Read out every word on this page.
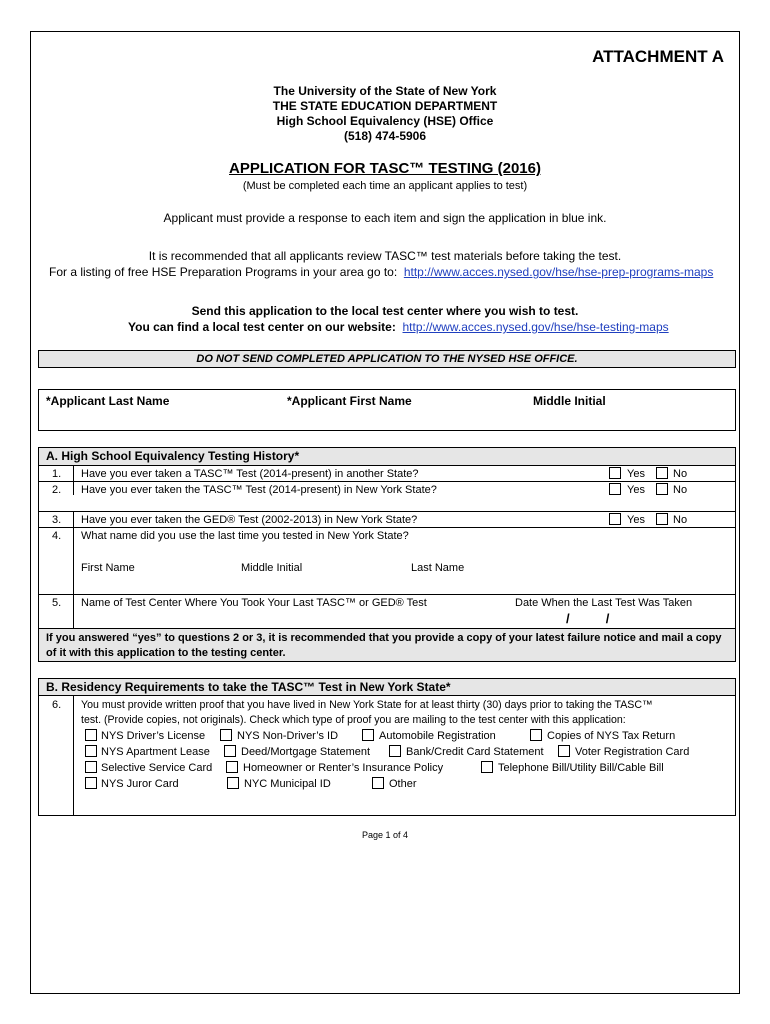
ATTACHMENT A
The University of the State of New York
THE STATE EDUCATION DEPARTMENT
High School Equivalency (HSE) Office
(518) 474-5906
APPLICATION FOR TASC™ TESTING (2016)
(Must be completed each time an applicant applies to test)
Applicant must provide a response to each item and sign the application in blue ink.
It is recommended that all applicants review TASC™ test materials before taking the test.
For a listing of free HSE Preparation Programs in your area go to: http://www.acces.nysed.gov/hse/hse-prep-programs-maps
Send this application to the local test center where you wish to test.
You can find a local test center on our website: http://www.acces.nysed.gov/hse/hse-testing-maps
DO NOT SEND COMPLETED APPLICATION TO THE NYSED HSE OFFICE.
*Applicant Last Name	*Applicant First Name	Middle Initial
A. High School Equivalency Testing History*
1. Have you ever taken a TASC™ Test (2014-present) in another State?	Yes	No
2. Have you ever taken the TASC™ Test (2014-present) in New York State?	Yes	No
3. Have you ever taken the GED® Test (2002-2013) in New York State?	Yes	No
4. What name did you use the last time you tested in New York State?
First Name	Middle Initial	Last Name
5. Name of Test Center Where You Took Your Last TASC™ or GED® Test	Date When the Last Test Was Taken
/          /
If you answered “yes” to questions 2 or 3, it is recommended that you provide a copy of your latest failure notice and mail a copy of it with this application to the testing center.
B. Residency Requirements to take the TASC™ Test in New York State*
6. You must provide written proof that you have lived in New York State for at least thirty (30) days prior to taking the TASC™
test. (Provide copies, not originals). Check which type of proof you are mailing to the test center with this application:
NYS Driver’s License	NYS Non-Driver’s ID	Automobile Registration	Copies of NYS Tax Return
NYS Apartment Lease	Deed/Mortgage Statement	Bank/Credit Card Statement	Voter Registration Card
Selective Service Card	Homeowner or Renter’s Insurance Policy	Telephone Bill/Utility Bill/Cable Bill
NYS Juror Card	NYC Municipal ID	Other
Page 1 of 4
